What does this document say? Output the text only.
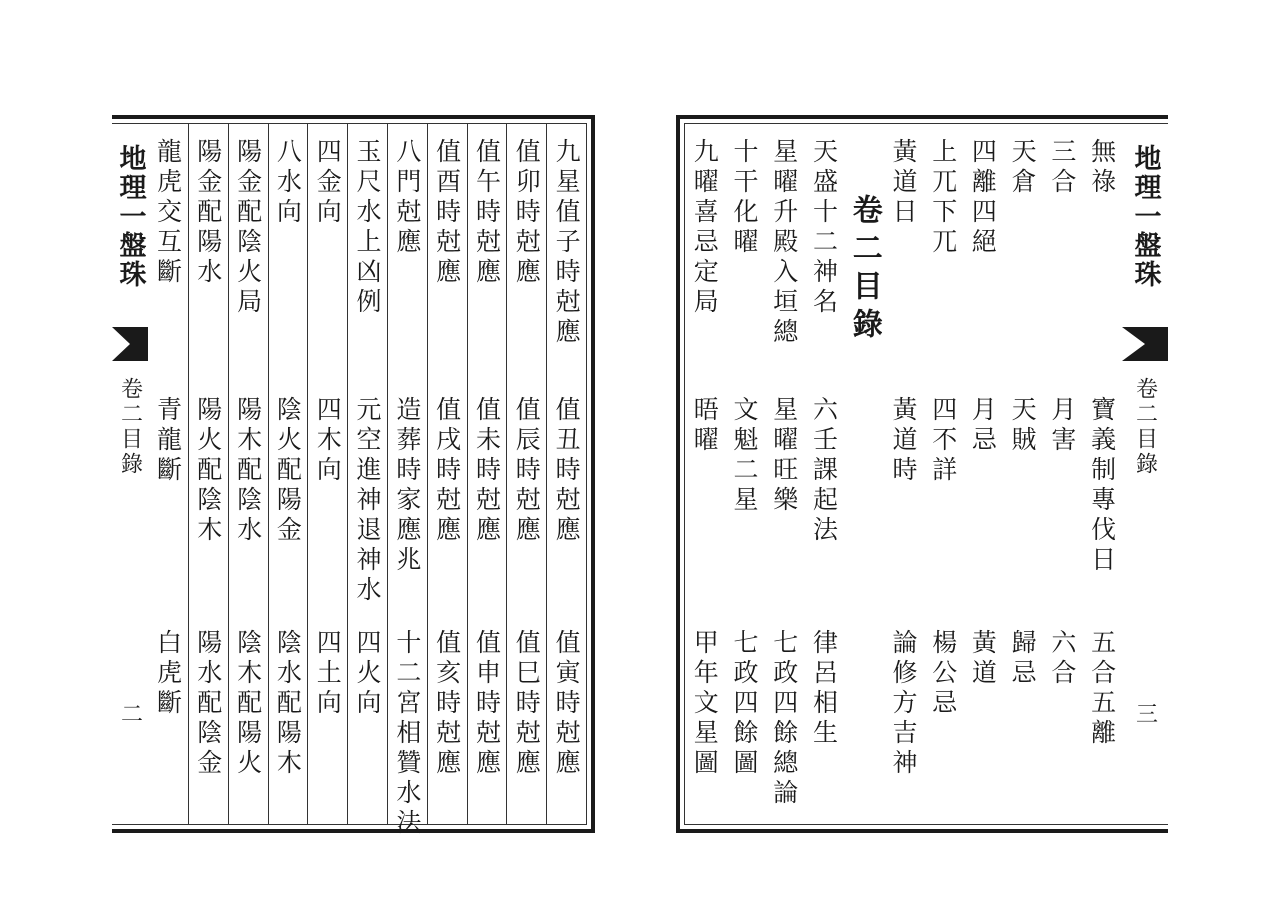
地理一盤珠
卷二目錄
二
九星值子時尅應
值丑時尅應
值寅時尅應
值卯時尅應
值辰時尅應
值巳時尅應
值午時尅應
值未時尅應
值申時尅應
值酉時尅應
值戌時尅應
值亥時尅應
八門尅應
造葬時家應兆
十二宮相贊水法
玉尺水上凶例
元空進神退神水
四火向
四金向
四木向
四土向
八水向
陰火配陽金
陰水配陽木
陽金配陰火局
陽木配陰水
陰木配陽火
陽金配陽水
陽火配陰木
陽水配陰金
龍虎交互斷
青龍斷
白虎斷
地理一盤珠
卷二目錄
三
無祿
寶義制專伐日
五合五離
三合
月害
六合
天倉
天賊
歸忌
四離四絕
月忌
黃道
上兀下兀
四不詳
楊公忌
黃道日
黃道時
論修方吉神
卷二目錄
天盛十二神名
六壬課起法
律呂相生
星曜升殿入垣總
星曜旺樂
七政四餘總論
十干化曜
文魁二星
七政四餘圖
九曜喜忌定局
晤曜
甲年文星圖
